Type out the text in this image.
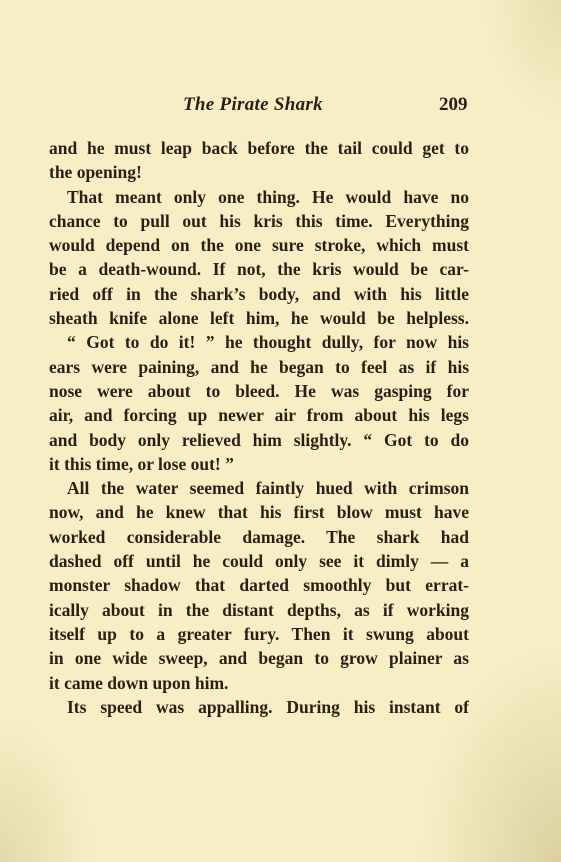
The Pirate Shark	209
and he must leap back before the tail could get to
the opening!
That meant only one thing. He would have no
chance to pull out his kris this time. Everything
would depend on the one sure stroke, which must
be a death-wound. If not, the kris would be car-
ried off in the shark’s body, and with his little
sheath knife alone left him, he would be helpless.
“ Got to do it! ” he thought dully, for now his
ears were paining, and he began to feel as if his
nose were about to bleed. He was gasping for
air, and forcing up newer air from about his legs
and body only relieved him slightly. “ Got to do
it this time, or lose out! ”
All the water seemed faintly hued with crimson
now, and he knew that his first blow must have
worked considerable damage. The shark had
dashed off until he could only see it dimly — a
monster shadow that darted smoothly but errat-
ically about in the distant depths, as if working
itself up to a greater fury. Then it swung about
in one wide sweep, and began to grow plainer as
it came down upon him.
Its speed was appalling. During his instant of
